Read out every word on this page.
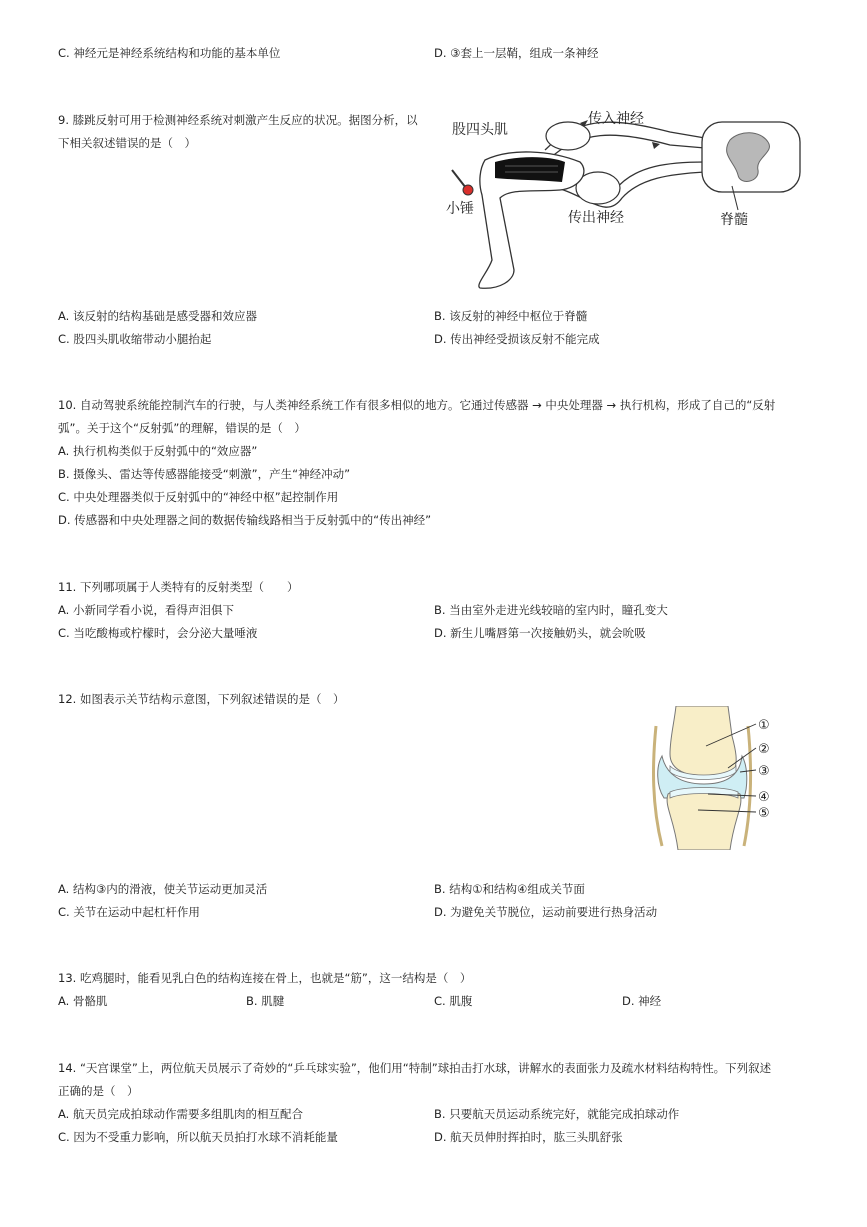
C. 神经元是神经系统结构和功能的基本单位	D. ③套上一层鞘，组成一条神经
9. 膝跳反射可用于检测神经系统对刺激产生反应的状况。据图分析，以
下相关叙述错误的是（　）
股四头肌
传入神经
小锤
传出神经	脊髓
A. 该反射的结构基础是感受器和效应器	B. 该反射的神经中枢位于脊髓
C. 股四头肌收缩带动小腿抬起	D. 传出神经受损该反射不能完成
10. 自动驾驶系统能控制汽车的行驶，与人类神经系统工作有很多相似的地方。它通过传感器 → 中央处理器 → 执行机构，形成了自己的“反射
弧”。关于这个“反射弧”的理解，错误的是（　）
A. 执行机构类似于反射弧中的“效应器”
B. 摄像头、雷达等传感器能接受“刺激”，产生“神经冲动”
C. 中央处理器类似于反射弧中的“神经中枢”起控制作用
D. 传感器和中央处理器之间的数据传输线路相当于反射弧中的“传出神经”
11. 下列哪项属于人类特有的反射类型（　　）
A. 小新同学看小说，看得声泪俱下	B. 当由室外走进光线较暗的室内时，瞳孔变大
C. 当吃酸梅或柠檬时，会分泌大量唾液	D. 新生儿嘴唇第一次接触奶头，就会吮吸
12. 如图表示关节结构示意图，下列叙述错误的是（　）
①
②
③
④
⑤
A. 结构③内的滑液，使关节运动更加灵活	B. 结构①和结构④组成关节面
C. 关节在运动中起杠杆作用	D. 为避免关节脱位，运动前要进行热身活动
13. 吃鸡腿时，能看见乳白色的结构连接在骨上，也就是“筋”，这一结构是（　）
A. 骨骼肌	B. 肌腱	C. 肌腹	D. 神经
14. “天宫课堂”上，两位航天员展示了奇妙的“乒乓球实验”，他们用“特制”球拍击打水球，讲解水的表面张力及疏水材料结构特性。下列叙述
正确的是（　）
A. 航天员完成拍球动作需要多组肌肉的相互配合	B. 只要航天员运动系统完好，就能完成拍球动作
C. 因为不受重力影响，所以航天员拍打水球不消耗能量	D. 航天员伸肘挥拍时，肱三头肌舒张
